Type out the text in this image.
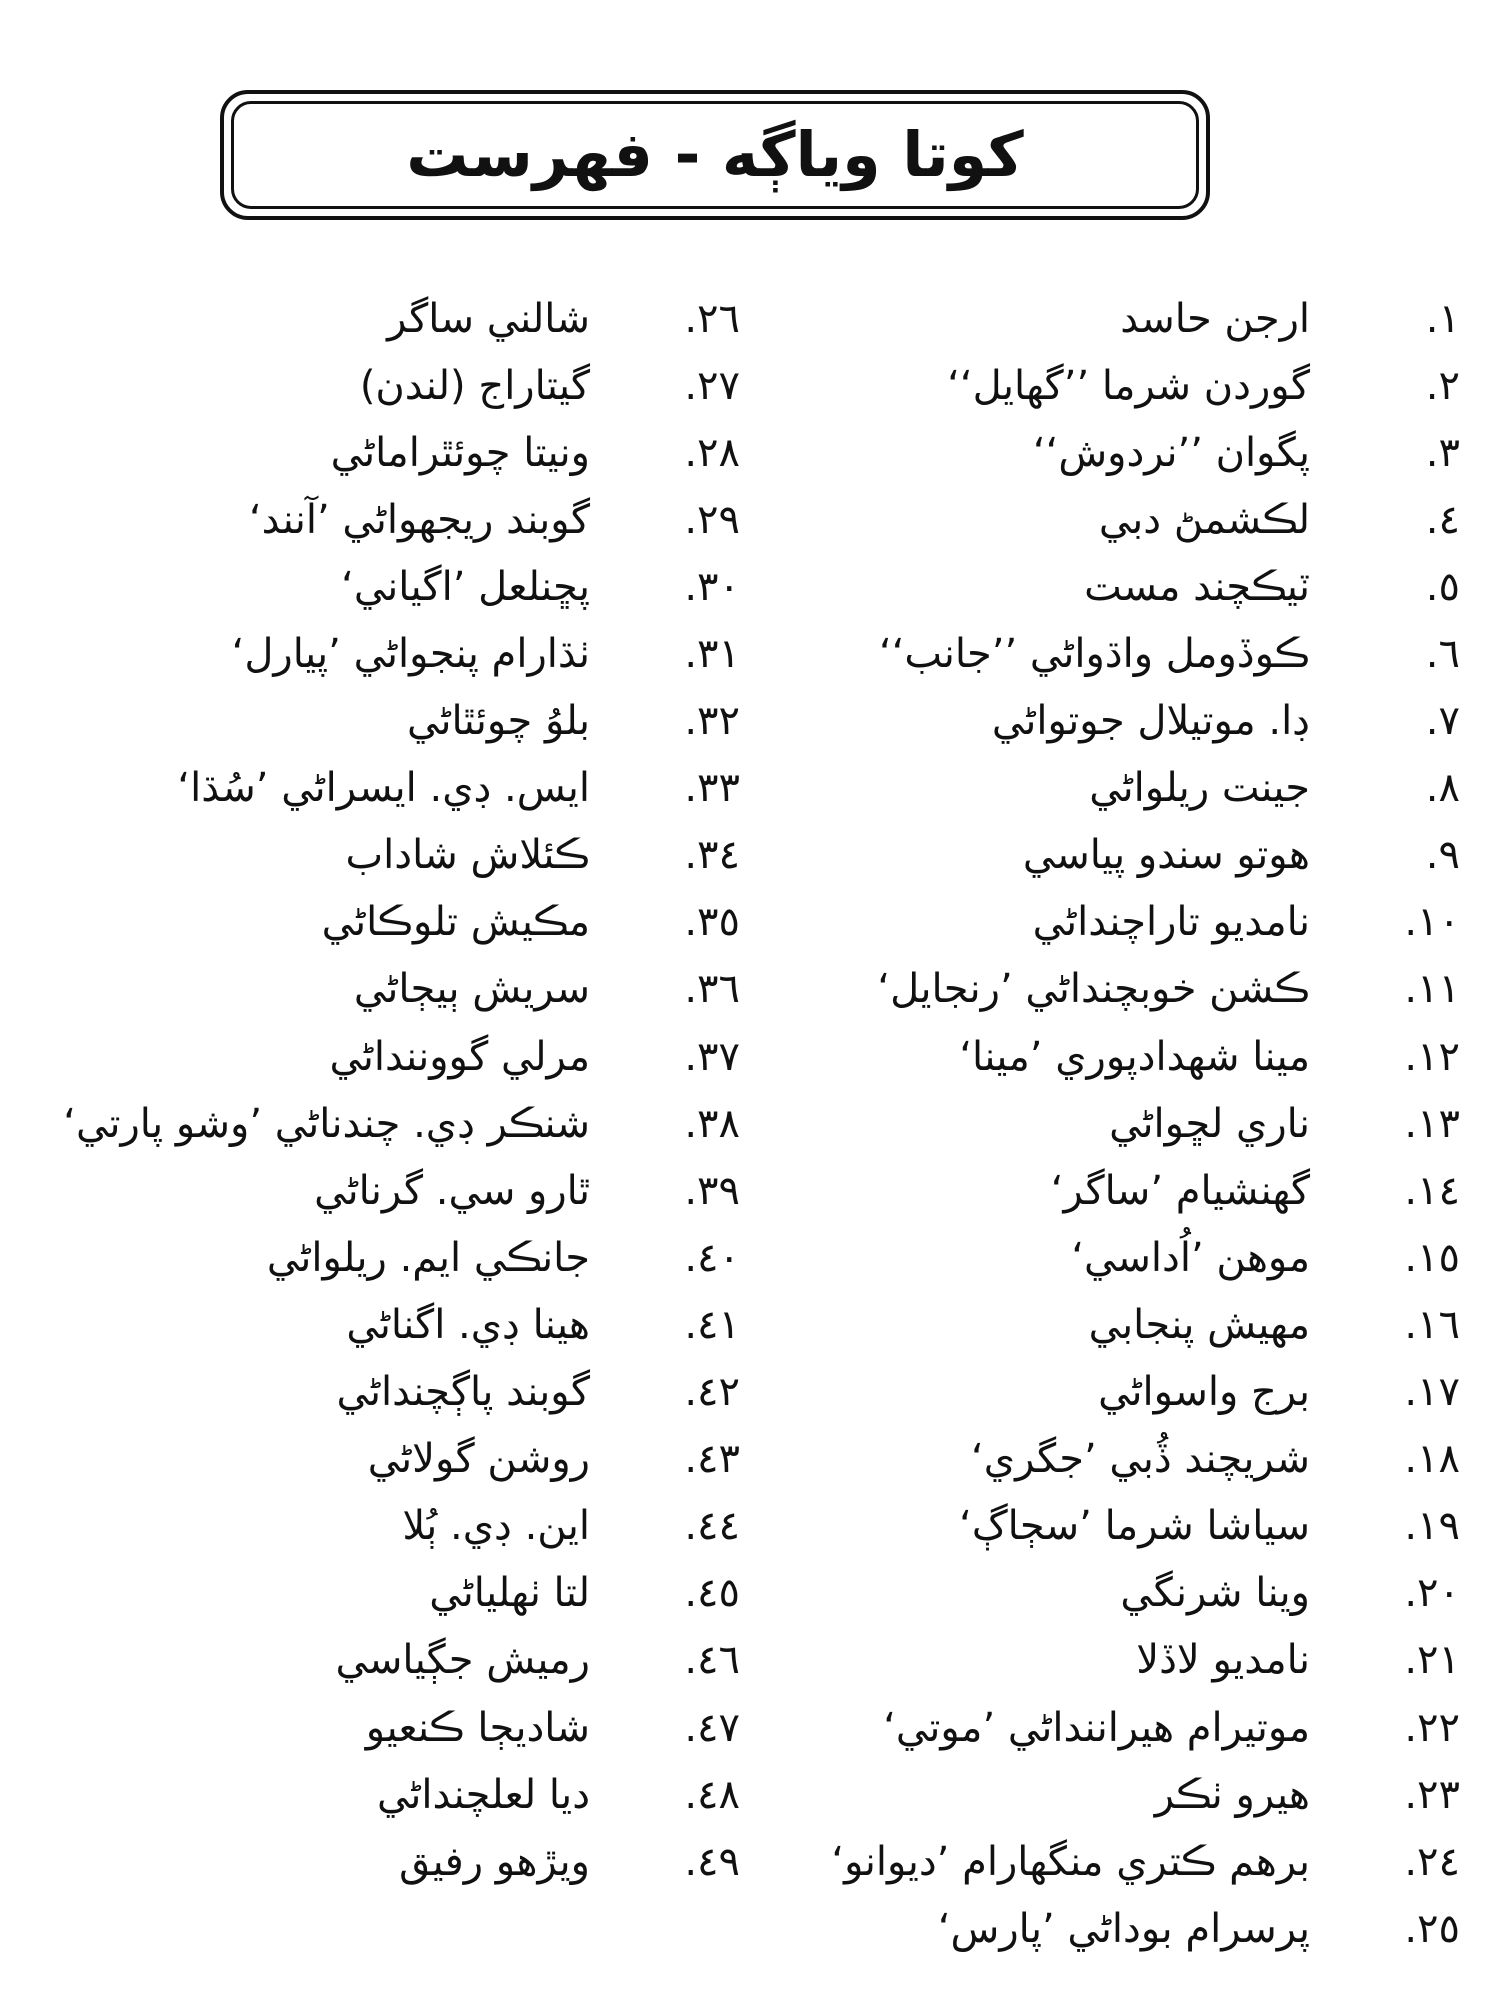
كوتا وياڳه - فهرست
١.
ارجن حاسد
٢.
گوردن شرما ’’گهايل‘‘
٣.
پگوان ’’نردوش‘‘
٤.
لڪشمڻ دبي
٥.
ٽيڪچند مست
٦.
ڪوڏومل واڌواڻي ’’جانب‘‘
٧.
ڊا. موتيلال جوتواڻي
٨.
جينت ريلواڻي
٩.
هوتو سندو پياسي
١٠.
نامديو تاراچنداڻي
١١.
ڪشن خوبچنداڻي ’رنجايل‘
١٢.
مينا شهدادپوري ’مينا‘
١٣.
ناري لڇواڻي
١٤.
گهنشيام ’ساگر‘
١٥.
موهن ’اُداسي‘
١٦.
مهيش پنجابي
١٧.
برج واسواڻي
١٨.
شريچند ڏُبي ’جگري‘
١٩.
سياشا شرما ’سڄاڳ‘
٢٠.
وينا شرنگي
٢١.
نامديو لاڏلا
٢٢.
موتيرام هيراننداڻي ’موتي‘
٢٣.
هيرو ٺڪر
٢٤.
برهم ڪتري منگهارام ’ديوانو‘
٢٥.
پرسرام بوداڻي ’پارس‘
٢٦.
شالني ساگر
٢٧.
گيتاراج (لندن)
٢٨.
ونيتا چوئٿراماڻي
٢٩.
گوبند ريجهواڻي ’آنند‘
٣٠.
پڇنلعل ’اگياني‘
٣١.
ٺڌارام پنجواڻي ’پيارل‘
٣٢.
بلوُ چوئٿاڻي
٣٣.
ايس. ڊي. ايسراڻي ’سُڌا‘
٣٤.
ڪئلاش شاداب
٣٥.
مڪيش تلوڪاڻي
٣٦.
سريش ٻيڄاڻي
٣٧.
مرلي گووننداڻي
٣٨.
شنڪر ڊي. چندناڻي ’وشو پارتي‘
٣٩.
ٿارو سي. گرناڻي
٤٠.
جانڪي ايم. ريلواڻي
٤١.
هينا ڊي. اگناڻي
٤٢.
گوبند پاڳچنداڻي
٤٣.
روشن گولاڻي
٤٤.
اين. ڊي. ٻُلا
٤٥.
لتا ٺهلياڻي
٤٦.
رميش جڳياسي
٤٧.
شاديڄا ڪنعيو
٤٨.
ديا لعلچنداڻي
٤٩.
ويڙهو رفيق
